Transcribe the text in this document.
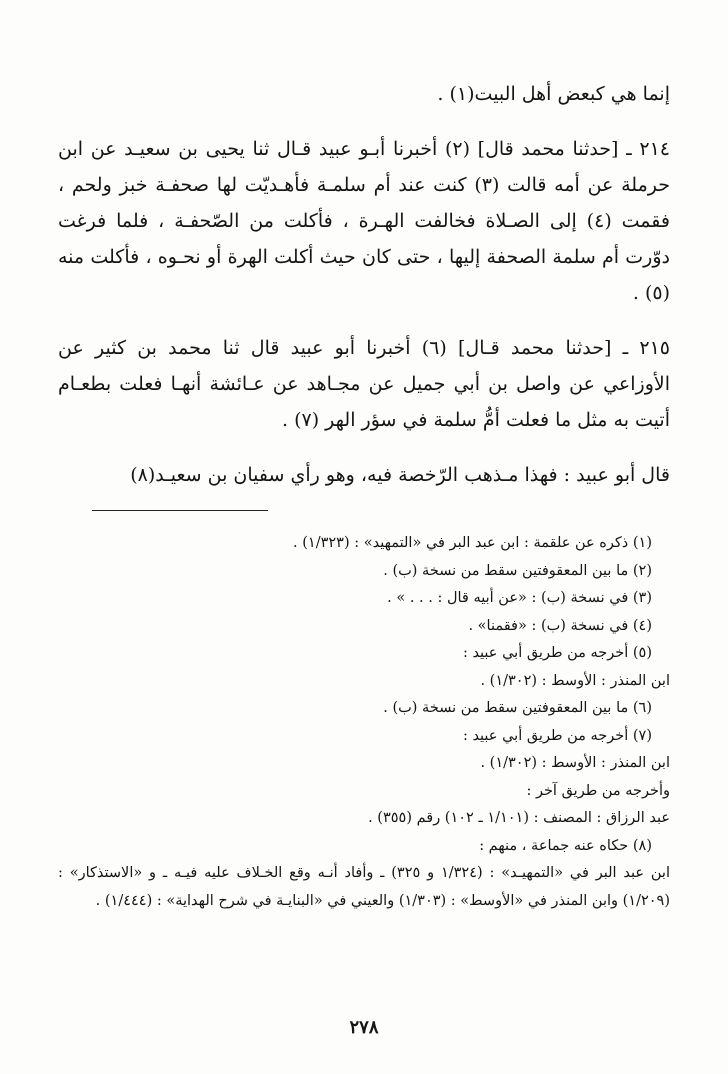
إنما هي كبعض أهل البيت(١) .

٢١٤ ـ [حدثنا محمد قال] (٢) أخبرنا أبـو عبيد قـال ثنا يحيى بن سعيـد عن ابن حرملة عن أمه قالت (٣) كنت عند أم سلمـة فأهـديّت لها صحفـة خبز ولحم ، فقمت (٤) إلى الصـلاة فخالفت الهـرة ، فأكلت من الصّحفـة ، فلما فرغت دوّرت أم سلمة الصحفة إليها ، حتى كان حيث أكلت الهرة أو نحـوه ، فأكلت منه (٥) .

٢١٥ ـ [حدثنا محمد قـال] (٦) أخبرنا أبو عبيد قال ثنا محمد بن كثير عن الأوزاعي عن واصل بن أبي جميل عن مجـاهد عن عـائشة أنهـا فعلت بطعـام أتيت به مثل ما فعلت أمُّ سلمة في سؤر الهر (٧) .

قال أبو عبيد : فهذا مـذهب الرّخصة فيه، وهو رأي سفيان بن سعيـد(٨)

(١) ذكره عن علقمة : ابن عبد البر في «التمهيد» : (١/٣٢٣) .
(٢) ما بين المعقوفتين سقط من نسخة (ب) .
(٣) في نسخة (ب) : «عن أبيه قال : . . . » .
(٤) في نسخة (ب) : «فقمنا» .
(٥) أخرجه من طريق أبي عبيد :
ابن المنذر : الأوسط : (١/٣٠٢) .
(٦) ما بين المعقوفتين سقط من نسخة (ب) .
(٧) أخرجه من طريق أبي عبيد :
ابن المنذر : الأوسط : (١/٣٠٢) .
وأخرجه من طريق آخر :
عبد الرزاق : المصنف : (١/١٠١ ـ ١٠٢) رقم (٣٥٥) .
(٨) حكاه عنه جماعة ، منهم :
ابن عبد البر في «التمهيـد» : (١/٣٢٤ و ٣٢٥) ـ وأفاد أنـه وقع الخـلاف عليه فيـه ـ و «الاستذكار» : (١/٢٠٩) وابن المنذر في «الأوسط» : (١/٣٠٣) والعيني في «البنايـة في شرح الهداية» : (١/٤٤٤) .
٢٧٨
